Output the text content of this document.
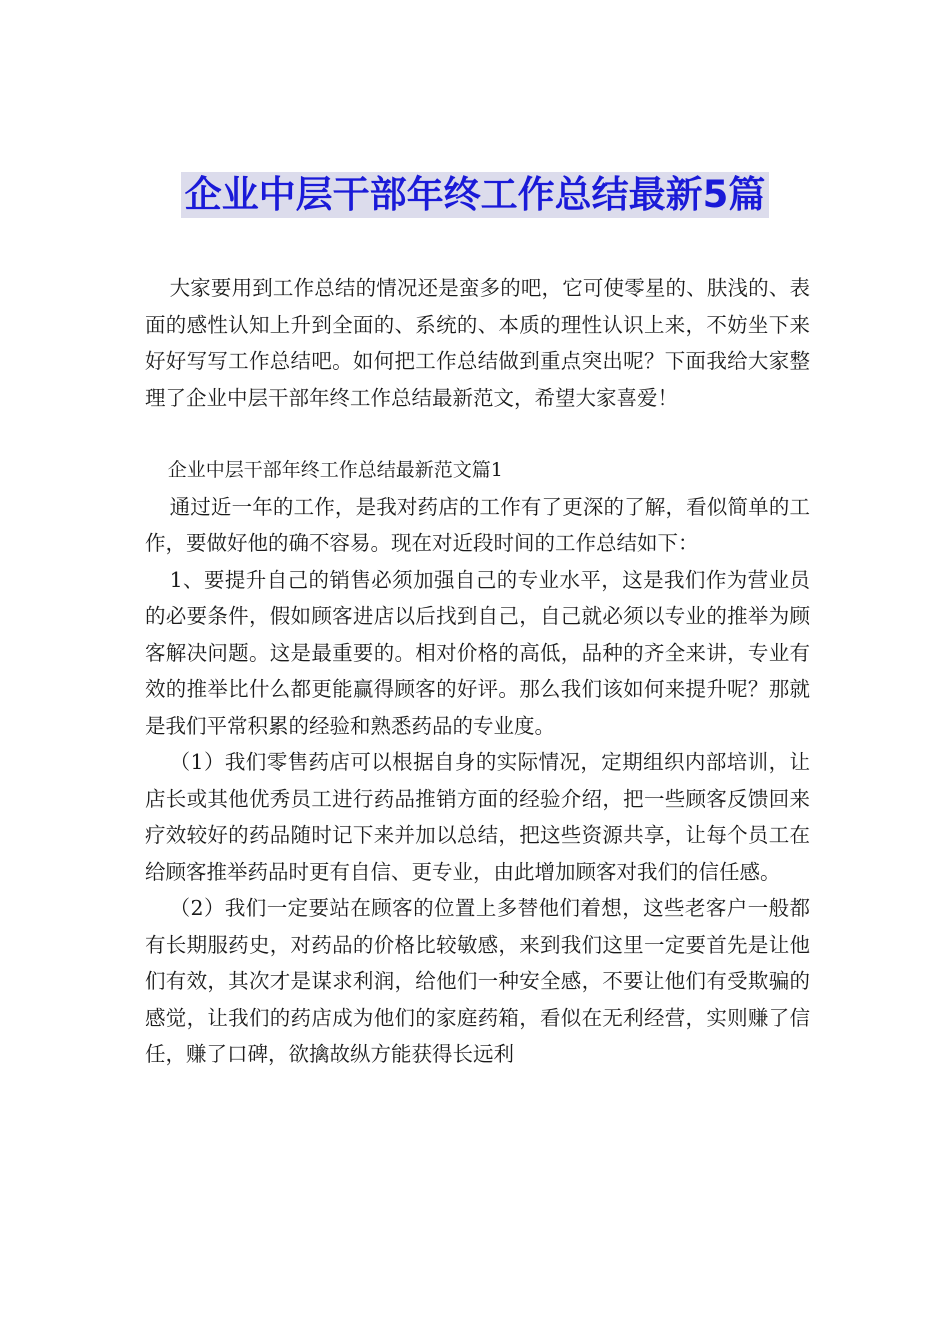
企业中层干部年终工作总结最新5篇

大家要用到工作总结的情况还是蛮多的吧，它可使零星的、肤浅的、表面的感性认知上升到全面的、系统的、本质的理性认识上来，不妨坐下来好好写写工作总结吧。如何把工作总结做到重点突出呢？下面我给大家整理了企业中层干部年终工作总结最新范文，希望大家喜爱！

企业中层干部年终工作总结最新范文篇1

通过近一年的工作，是我对药店的工作有了更深的了解，看似简单的工作，要做好他的确不容易。现在对近段时间的工作总结如下：

1、要提升自己的销售必须加强自己的专业水平，这是我们作为营业员的必要条件，假如顾客进店以后找到自己，自己就必须以专业的推举为顾客解决问题。这是最重要的。相对价格的高低，品种的齐全来讲，专业有效的推举比什么都更能赢得顾客的好评。那么我们该如何来提升呢？那就是我们平常积累的经验和熟悉药品的专业度。

（1）我们零售药店可以根据自身的实际情况，定期组织内部培训，让店长或其他优秀员工进行药品推销方面的经验介绍，把一些顾客反馈回来疗效较好的药品随时记下来并加以总结，把这些资源共享，让每个员工在给顾客推举药品时更有自信、更专业，由此增加顾客对我们的信任感。

（2）我们一定要站在顾客的位置上多替他们着想，这些老客户一般都有长期服药史，对药品的价格比较敏感，来到我们这里一定要首先是让他们有效，其次才是谋求利润，给他们一种安全感，不要让他们有受欺骗的感觉，让我们的药店成为他们的家庭药箱，看似在无利经营，实则赚了信任，赚了口碑，欲擒故纵方能获得长远利
